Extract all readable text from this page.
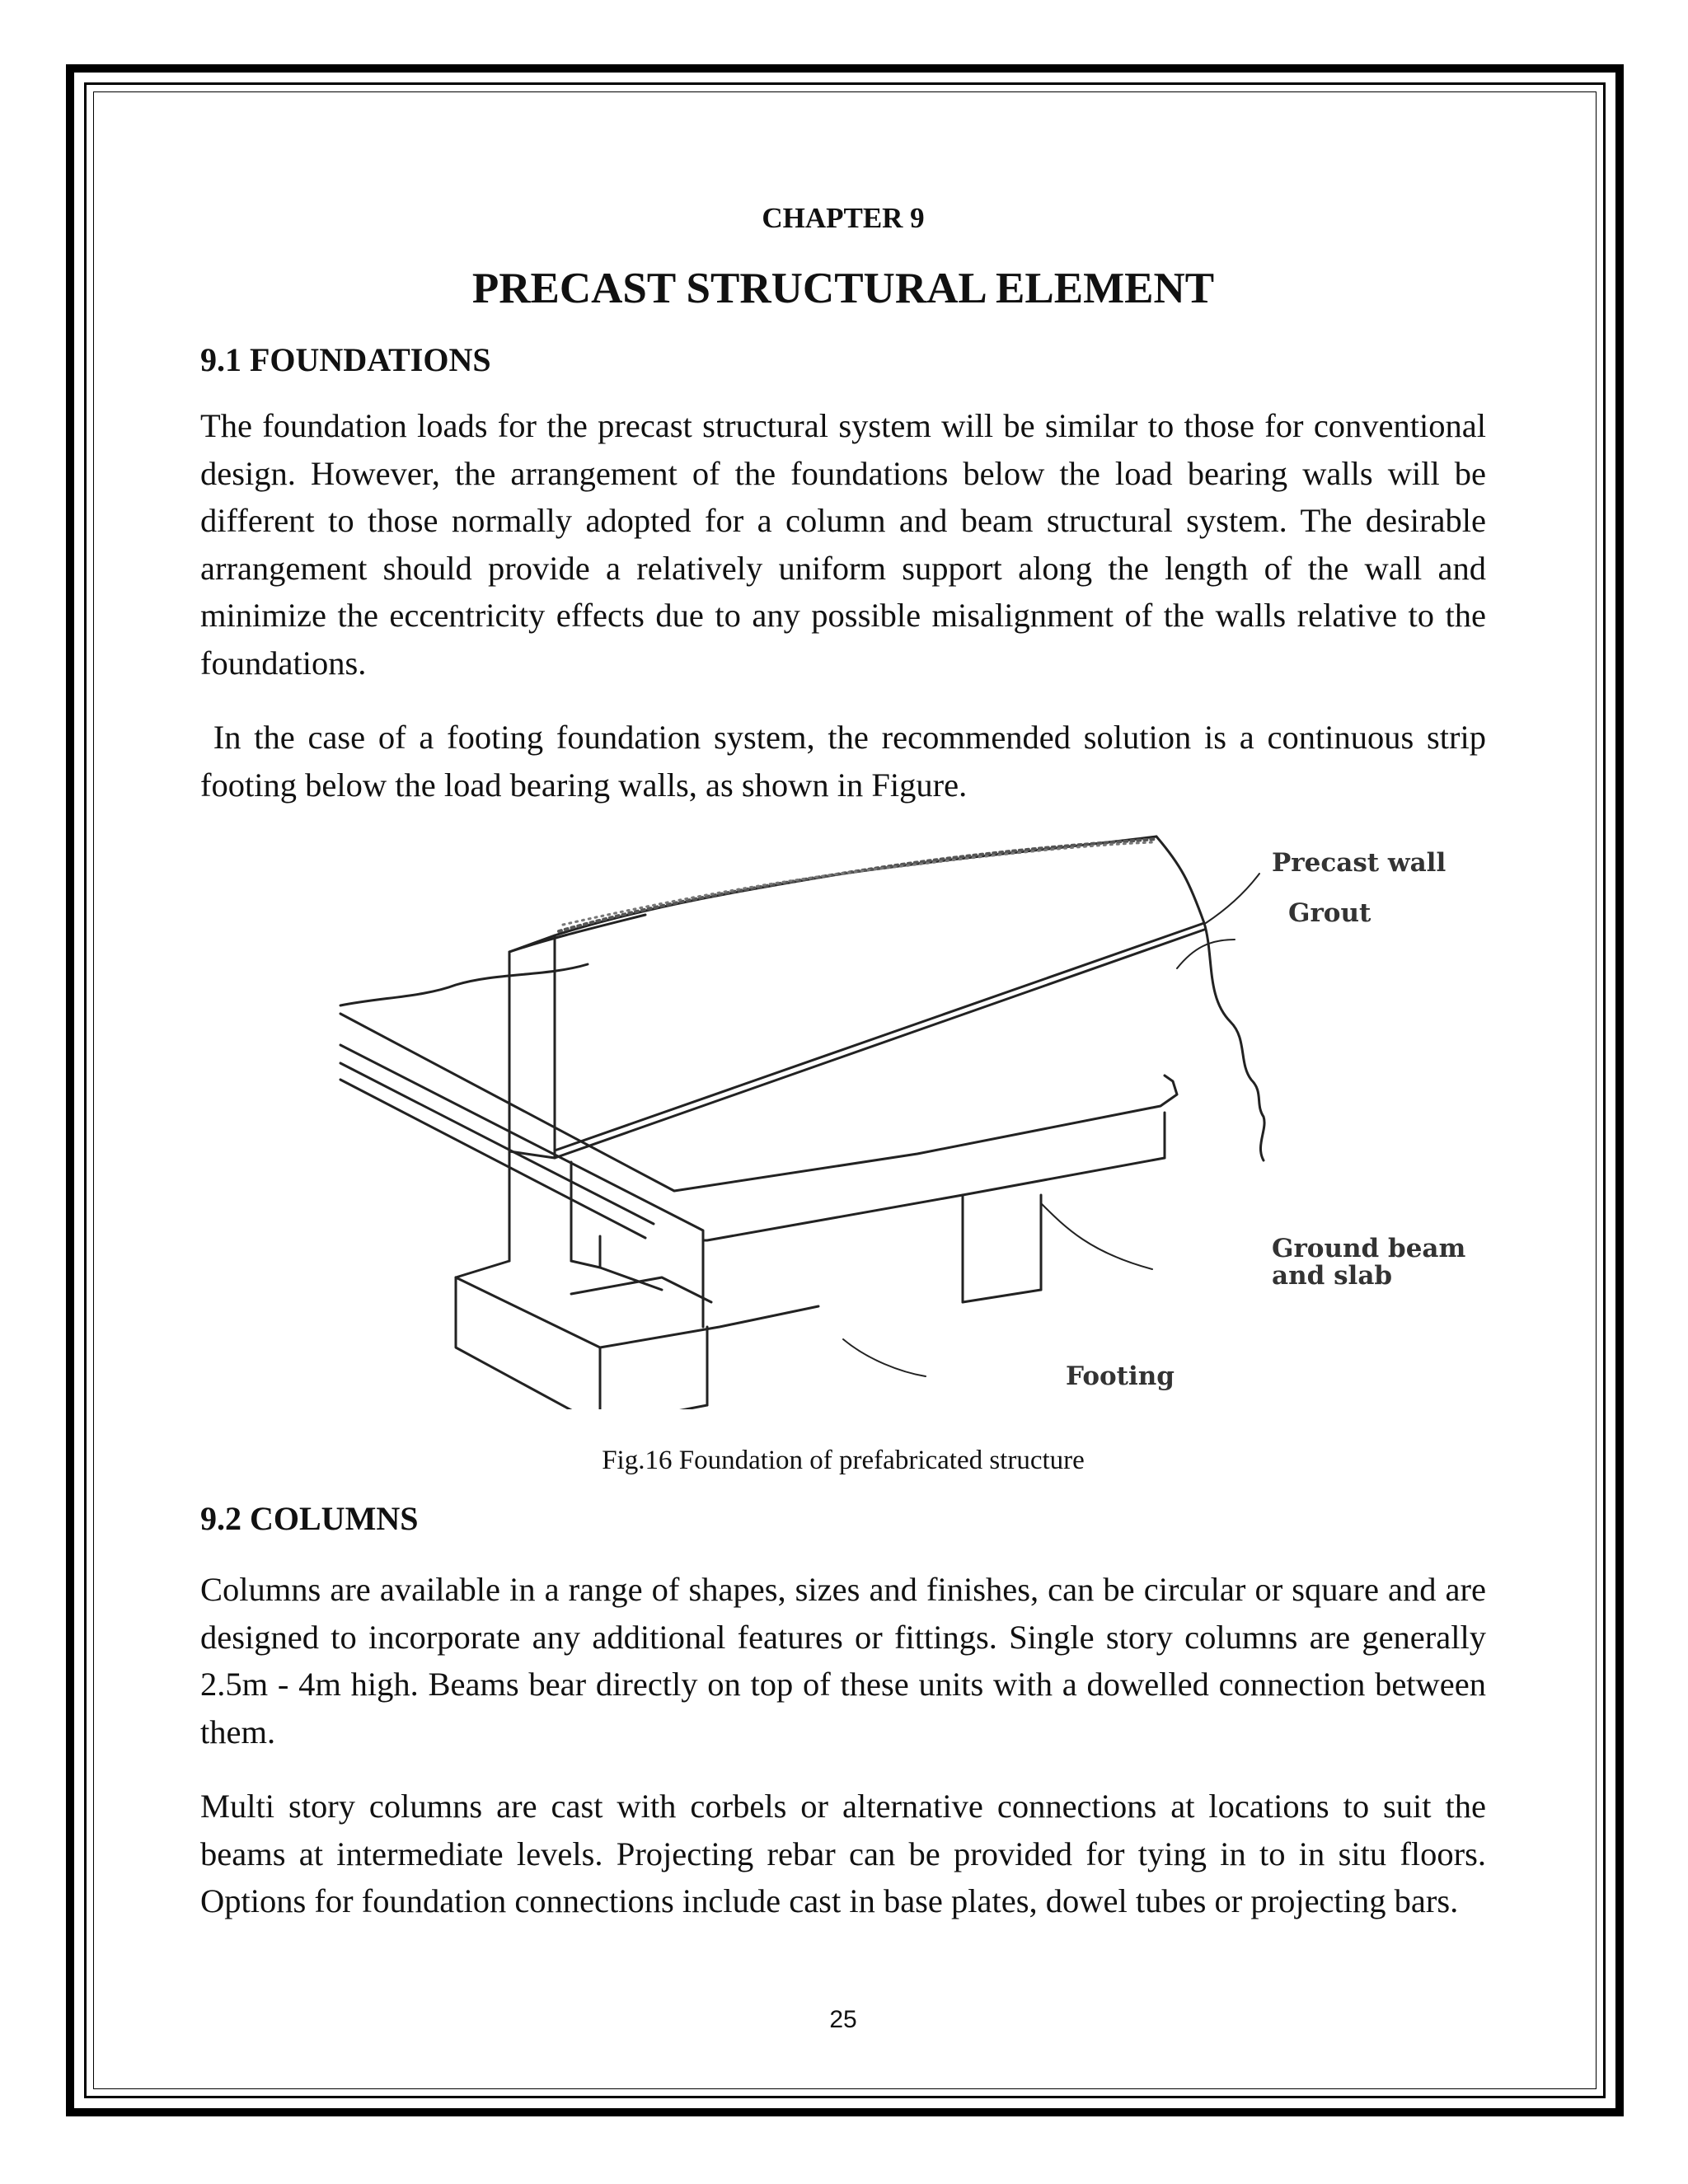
CHAPTER 9
PRECAST STRUCTURAL ELEMENT
9.1 FOUNDATIONS

The foundation loads for the precast structural system will be similar to those for conventional design. However, the arrangement of the foundations below the load bearing walls will be different to those normally adopted for a column and beam structural system. The desirable arrangement should provide a relatively uniform support along the length of the wall and minimize the eccentricity effects due to any possible misalignment of the walls relative to the foundations.

In the case of a footing foundation system, the recommended solution is a continuous strip footing below the load bearing walls, as shown in Figure.

Precast wall
Grout
Ground beam
and slab
Footing
Fig.16 Foundation of prefabricated structure
9.2 COLUMNS

Columns are available in a range of shapes, sizes and finishes, can be circular or square and are designed to incorporate any additional features or fittings. Single story columns are generally 2.5m - 4m high. Beams bear directly on top of these units with a dowelled connection between them.

Multi story columns are cast with corbels or alternative connections at locations to suit the beams at intermediate levels. Projecting rebar can be provided for tying in to in situ floors. Options for foundation connections include cast in base plates, dowel tubes or projecting bars.

25
